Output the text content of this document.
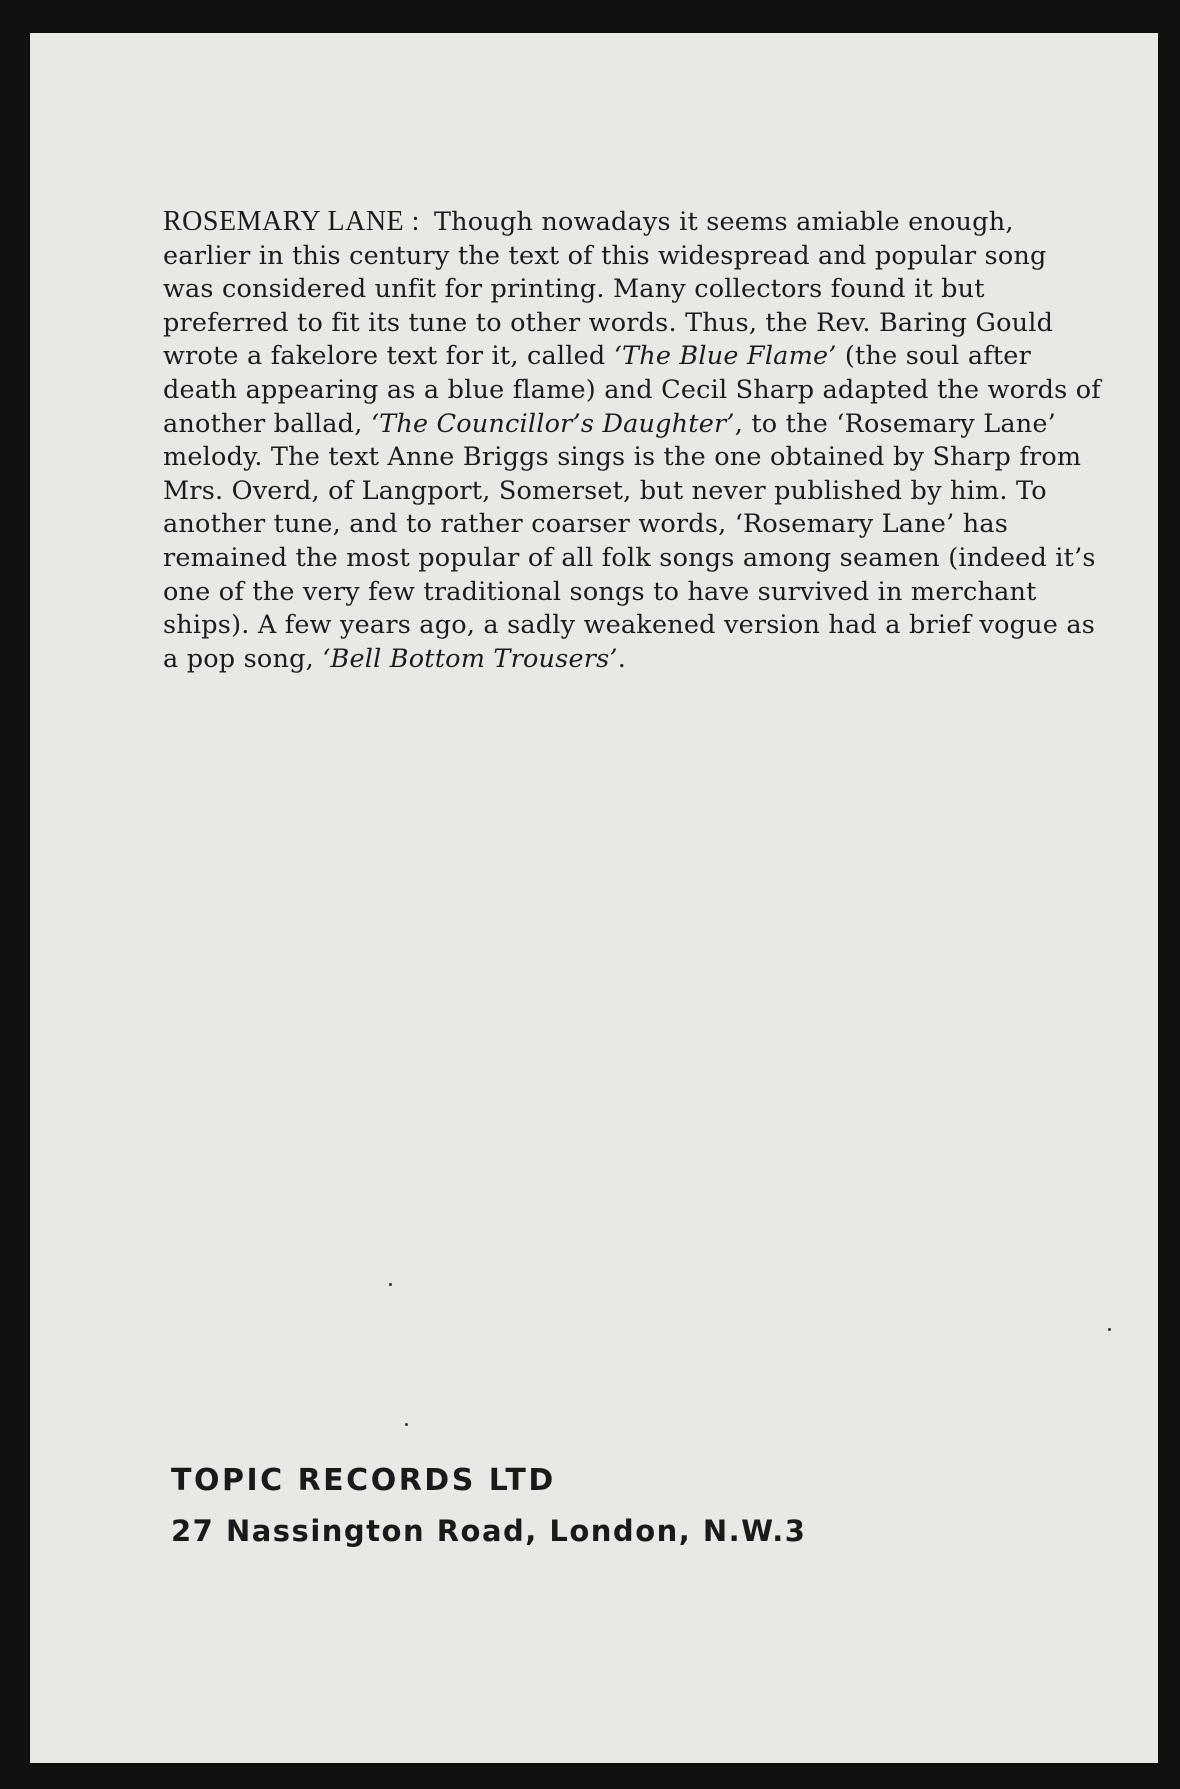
ROSEMARY LANE : Though nowadays it seems amiable enough, earlier in this century the text of this widespread and popular song was considered unfit for printing. Many collectors found it but preferred to fit its tune to other words. Thus, the Rev. Baring Gould wrote a fakelore text for it, called ‘The Blue Flame’ (the soul after death appearing as a blue flame) and Cecil Sharp adapted the words of another ballad, ‘The Councillor’s Daughter’, to the ‘Rosemary Lane’ melody. The text Anne Briggs sings is the one obtained by Sharp from Mrs. Overd, of Langport, Somerset, but never published by him. To another tune, and to rather coarser words, ‘Rosemary Lane’ has remained the most popular of all folk songs among seamen (indeed it’s one of the very few traditional songs to have survived in merchant ships). A few years ago, a sadly weakened version had a brief vogue as a pop song, ‘Bell Bottom Trousers’.

TOPIC RECORDS LTD
27 Nassington Road, London, N.W.3
